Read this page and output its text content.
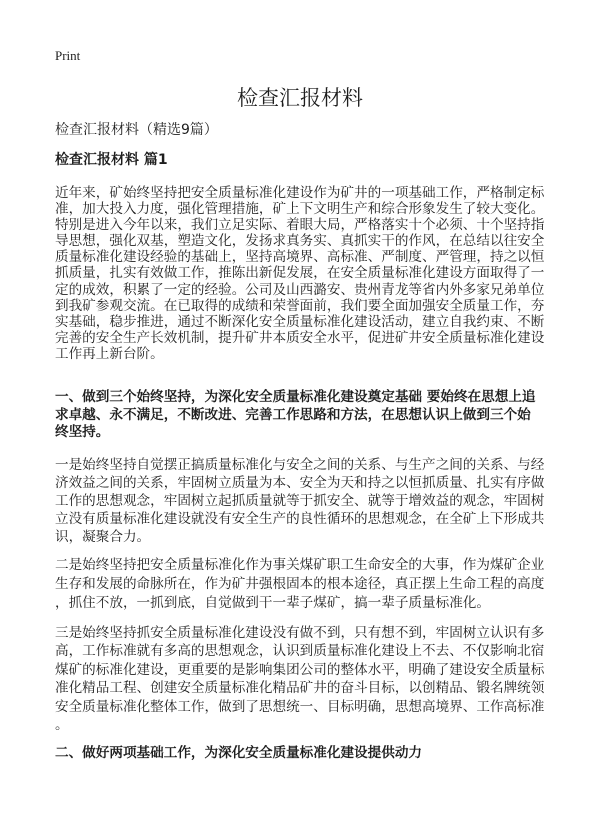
Print
检查汇报材料
检查汇报材料（精选9篇）
检查汇报材料 篇1
近年来，矿始终坚持把安全质量标准化建设作为矿井的一项基础工作，严格制定标
准，加大投入力度，强化管理措施，矿上下文明生产和综合形象发生了较大变化。
特别是进入今年以来，我们立足实际、着眼大局，严格落实十个必须、十个坚持指
导思想，强化双基，塑造文化，发扬求真务实、真抓实干的作风，在总结以往安全
质量标准化建设经验的基础上，坚持高境界、高标准、严制度、严管理，持之以恒
抓质量，扎实有效做工作，推陈出新促发展，在安全质量标准化建设方面取得了一
定的成效，积累了一定的经验。公司及山西潞安、贵州青龙等省内外多家兄弟单位
到我矿参观交流。在已取得的成绩和荣誉面前，我们要全面加强安全质量工作，夯
实基础，稳步推进，通过不断深化安全质量标准化建设活动，建立自我约束、不断
完善的安全生产长效机制，提升矿井本质安全水平，促进矿井安全质量标准化建设
工作再上新台阶。
一、做到三个始终坚持，为深化安全质量标准化建设奠定基础 要始终在思想上追
求卓越、永不满足，不断改进、完善工作思路和方法，在思想认识上做到三个始
终坚持。
一是始终坚持自觉摆正搞质量标准化与安全之间的关系、与生产之间的关系、与经
济效益之间的关系，牢固树立质量为本、安全为天和持之以恒抓质量、扎实有序做
工作的思想观念，牢固树立起抓质量就等于抓安全、就等于增效益的观念，牢固树
立没有质量标准化建设就没有安全生产的良性循环的思想观念，在全矿上下形成共
识，凝聚合力。
二是始终坚持把安全质量标准化作为事关煤矿职工生命安全的大事，作为煤矿企业
生存和发展的命脉所在，作为矿井强根固本的根本途径，真正摆上生命工程的高度
，抓住不放，一抓到底，自觉做到干一辈子煤矿，搞一辈子质量标准化。
三是始终坚持抓安全质量标准化建设没有做不到，只有想不到，牢固树立认识有多
高，工作标准就有多高的思想观念，认识到质量标准化建设上不去、不仅影响北宿
煤矿的标准化建设，更重要的是影响集团公司的整体水平，明确了建设安全质量标
准化精品工程、创建安全质量标准化精品矿井的奋斗目标，以创精品、锻名牌统领
安全质量标准化整体工作，做到了思想统一、目标明确，思想高境界、工作高标准
。
二、做好两项基础工作，为深化安全质量标准化建设提供动力
